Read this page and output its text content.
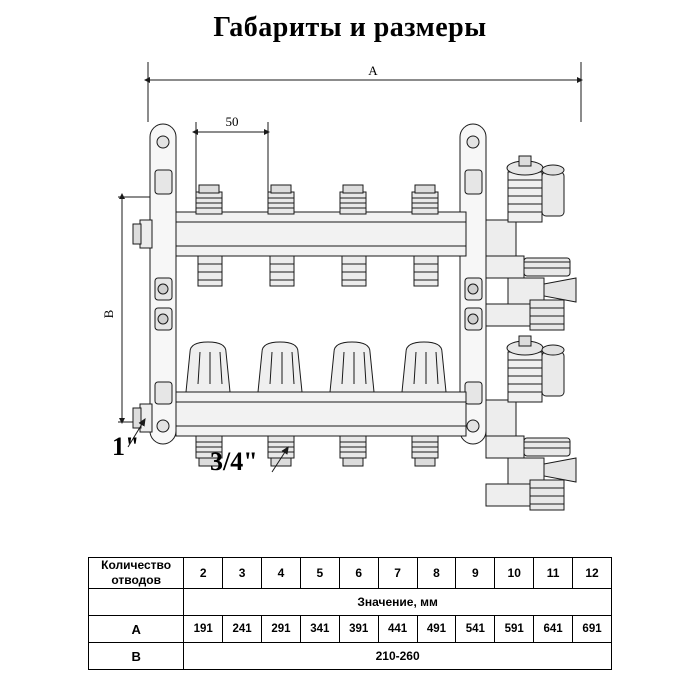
Габариты и размеры
A
50
B
1"
3/4"
Количество
отводов	2	3	4	5	6	7	8	9	10	11	12
	Значение, мм										
A	191	241	291	341	391	441	491	541	591	641	691
B	210-260										
